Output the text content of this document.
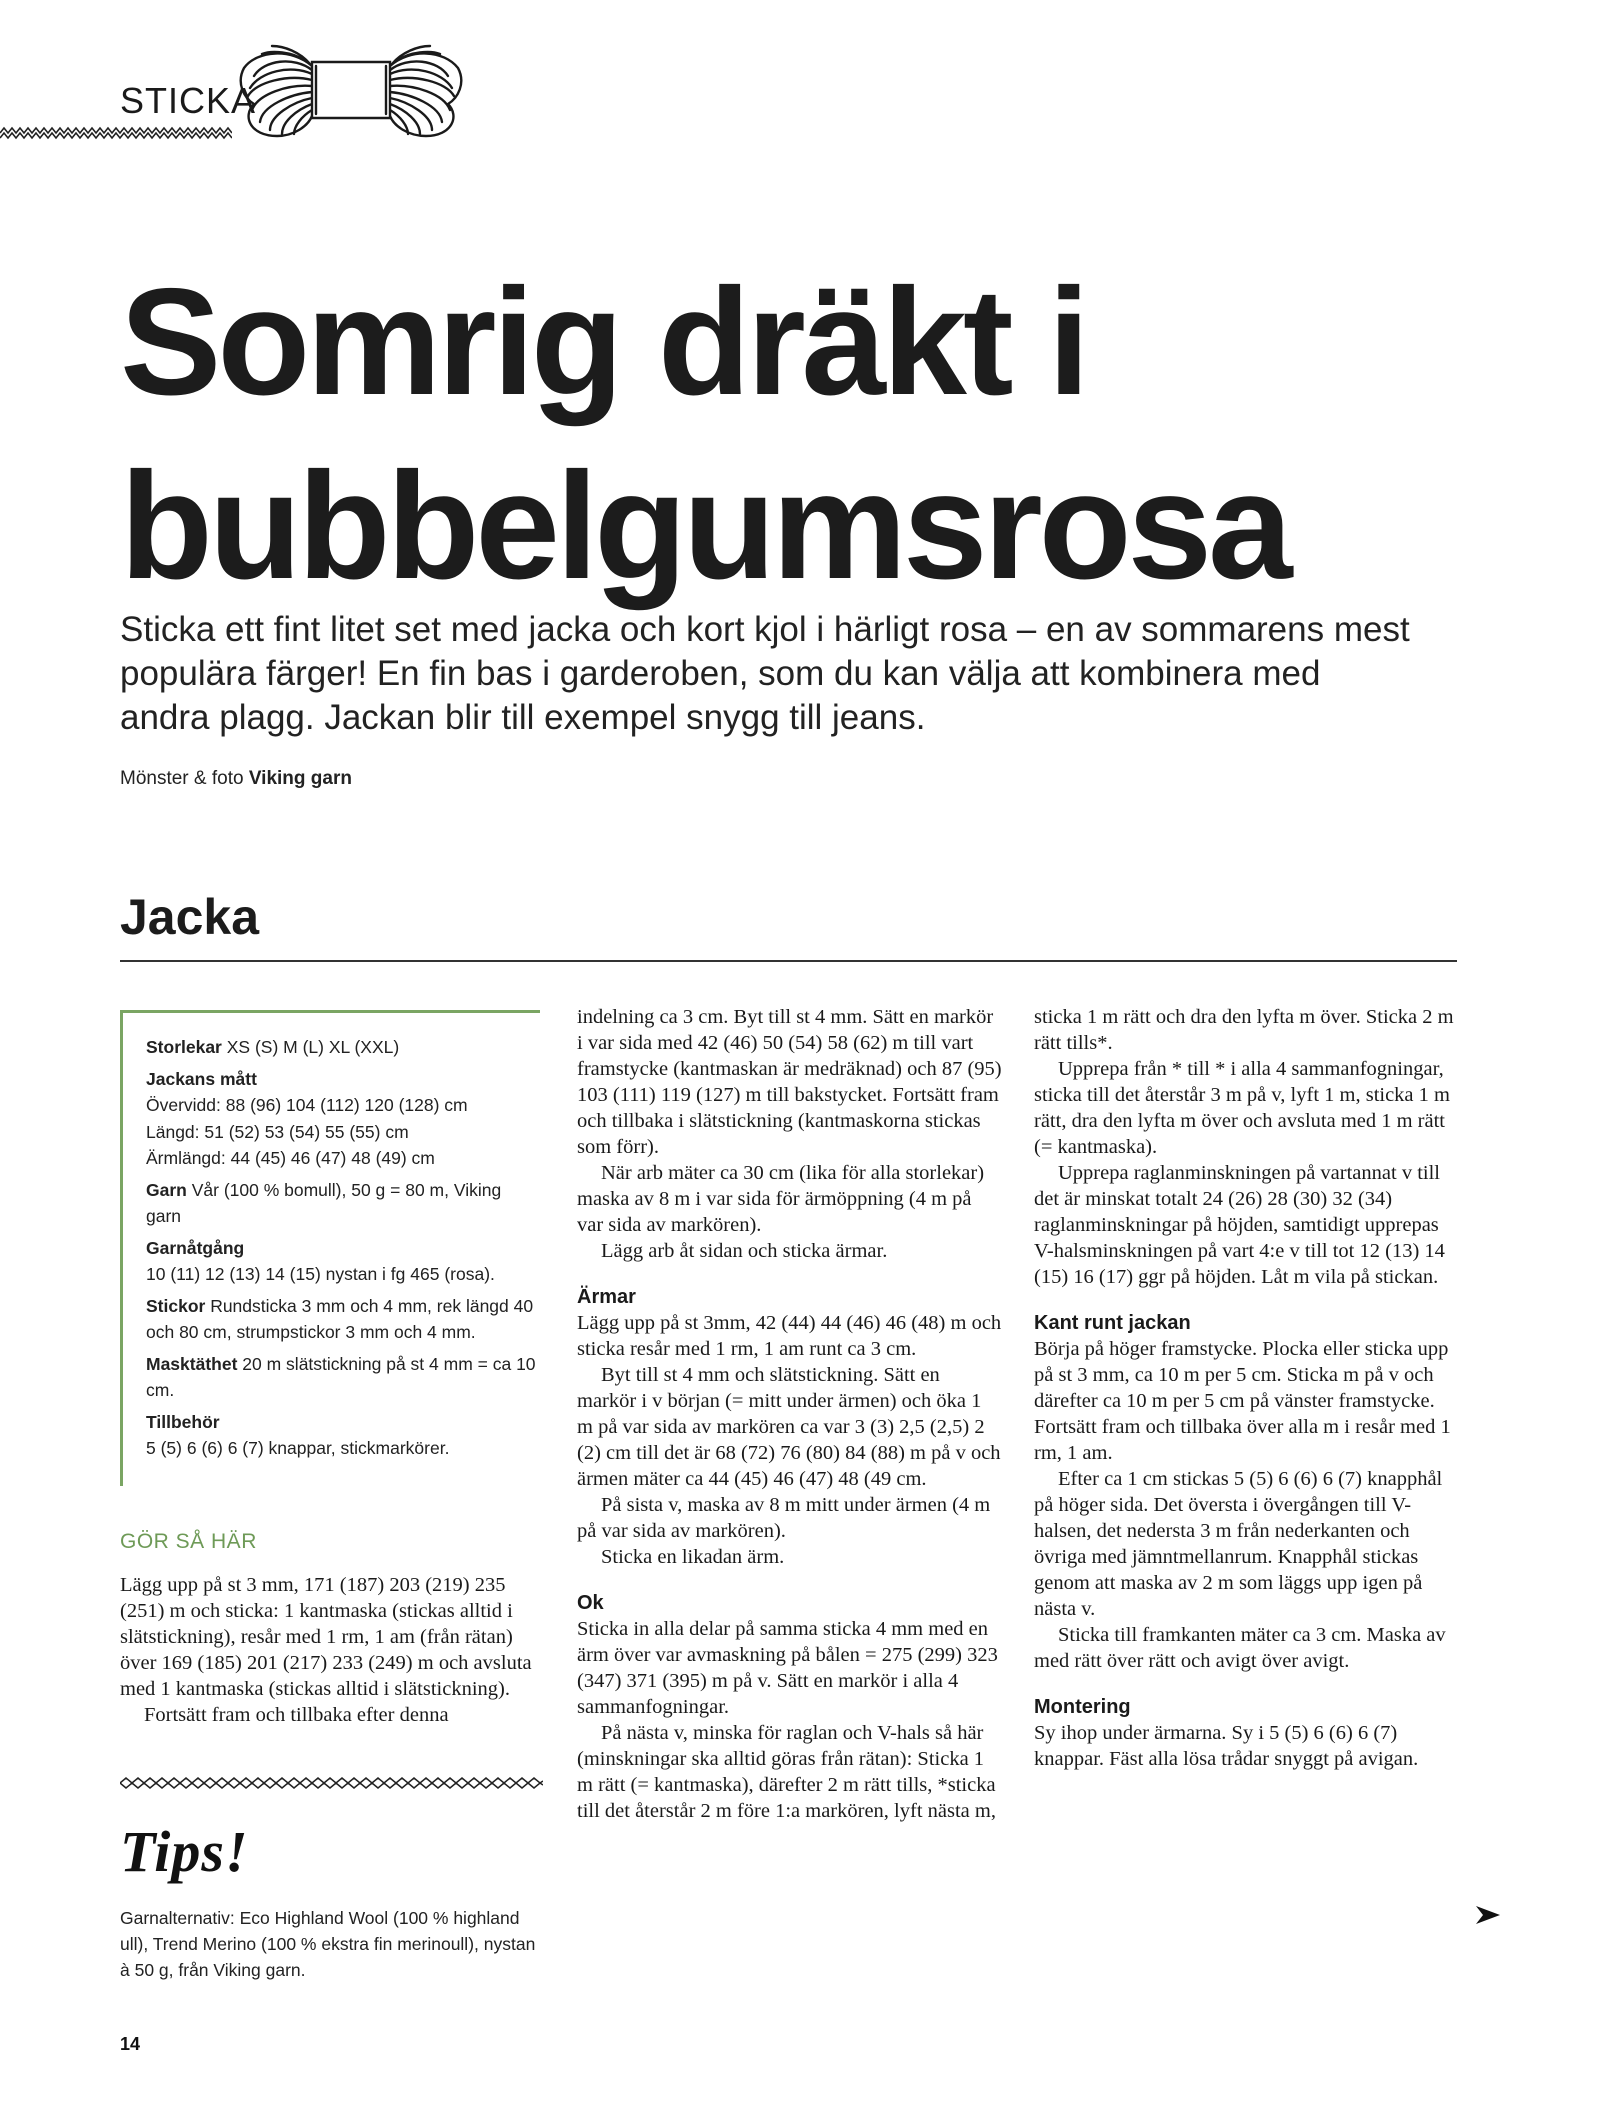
STICKA
Somrig dräkt i
bubbelgumsrosa

Sticka ett fint litet set med jacka och kort kjol i härligt rosa – en av sommarens mest populära färger! En fin bas i garderoben, som du kan välja att kombinera med andra plagg. Jackan blir till exempel snygg till jeans.

Mönster & foto Viking garn
Jacka

Storlekar XS (S) M (L) XL (XXL)

Jackans mått
Övervidd: 88 (96) 104 (112) 120 (128) cm
Längd: 51 (52) 53 (54) 55 (55) cm
Ärmlängd: 44 (45) 46 (47) 48 (49) cm

Garn Vår (100 % bomull), 50 g = 80 m, Viking garn

Garnåtgång
10 (11) 12 (13) 14 (15) nystan i fg 465 (rosa).

Stickor Rundsticka 3 mm och 4 mm, rek längd 40 och 80 cm, strumpstickor 3 mm och 4 mm.

Masktäthet 20 m slätstickning på st 4 mm = ca 10 cm.

Tillbehör
5 (5) 6 (6) 6 (7) knappar, stickmarkörer.

GÖR SÅ HÄR

Lägg upp på st 3 mm, 171 (187) 203 (219) 235 (251) m och sticka: 1 kantmaska (stickas alltid i slätstickning), resår med 1 rm, 1 am (från rätan) över 169 (185) 201 (217) 233 (249) m och avsluta med 1 kantmaska (stickas alltid i slätstickning).

Fortsätt fram och tillbaka efter denna

Tips!

Garnalternativ: Eco Highland Wool (100 % highland ull), Trend Merino (100 % ekstra fin merinoull), nystan à 50 g, från Viking garn.

indelning ca 3 cm. Byt till st 4 mm. Sätt en markör i var sida med 42 (46) 50 (54) 58 (62) m till vart framstycke (kantmaskan är medräknad) och 87 (95) 103 (111) 119 (127) m till bakstycket. Fortsätt fram och tillbaka i slätstickning (kantmaskorna stickas som förr).

När arb mäter ca 30 cm (lika för alla storlekar) maska av 8 m i var sida för ärmöppning (4 m på var sida av markören).

Lägg arb åt sidan och sticka ärmar.

Ärmar

Lägg upp på st 3mm, 42 (44) 44 (46) 46 (48) m och sticka resår med 1 rm, 1 am runt ca 3 cm.

Byt till st 4 mm och slätstickning. Sätt en markör i v början (= mitt under ärmen) och öka 1 m på var sida av markören ca var 3 (3) 2,5 (2,5) 2 (2) cm till det är 68 (72) 76 (80) 84 (88) m på v och ärmen mäter ca 44 (45) 46 (47) 48 (49 cm.

På sista v, maska av 8 m mitt under ärmen (4 m på var sida av markören).

Sticka en likadan ärm.

Ok

Sticka in alla delar på samma sticka 4 mm med en ärm över var avmaskning på bålen = 275 (299) 323 (347) 371 (395) m på v. Sätt en markör i alla 4 sammanfogningar.

På nästa v, minska för raglan och V-hals så här (minskningar ska alltid göras från rätan): Sticka 1 m rätt (= kantmaska), därefter 2 m rätt tills, *sticka till det återstår 2 m före 1:a markören, lyft nästa m,

sticka 1 m rätt och dra den lyfta m över. Sticka 2 m rätt tills*.

Upprepa från * till * i alla 4 sammanfogningar, sticka till det återstår 3 m på v, lyft 1 m, sticka 1 m rätt, dra den lyfta m över och avsluta med 1 m rätt (= kantmaska).

Upprepa raglanminskningen på vartannat v till det är minskat totalt 24 (26) 28 (30) 32 (34) raglanminskningar på höjden, samtidigt upprepas V-halsminskningen på vart 4:e v till tot 12 (13) 14 (15) 16 (17) ggr på höjden. Låt m vila på stickan.

Kant runt jackan

Börja på höger framstycke. Plocka eller sticka upp på st 3 mm, ca 10 m per 5 cm. Sticka m på v och därefter ca 10 m per 5 cm på vänster framstycke. Fortsätt fram och tillbaka över alla m i resår med 1 rm, 1 am.

Efter ca 1 cm stickas 5 (5) 6 (6) 6 (7) knapphål på höger sida. Det översta i övergången till V-halsen, det nedersta 3 m från nederkanten och övriga med jämntmellanrum. Knapphål stickas genom att maska av 2 m som läggs upp igen på nästa v.

Sticka till framkanten mäter ca 3 cm. Maska av med rätt över rätt och avigt över avigt.

Montering

Sy ihop under ärmarna. Sy i 5 (5) 6 (6) 6 (7) knappar. Fäst alla lösa trådar snyggt på avigan.

14
